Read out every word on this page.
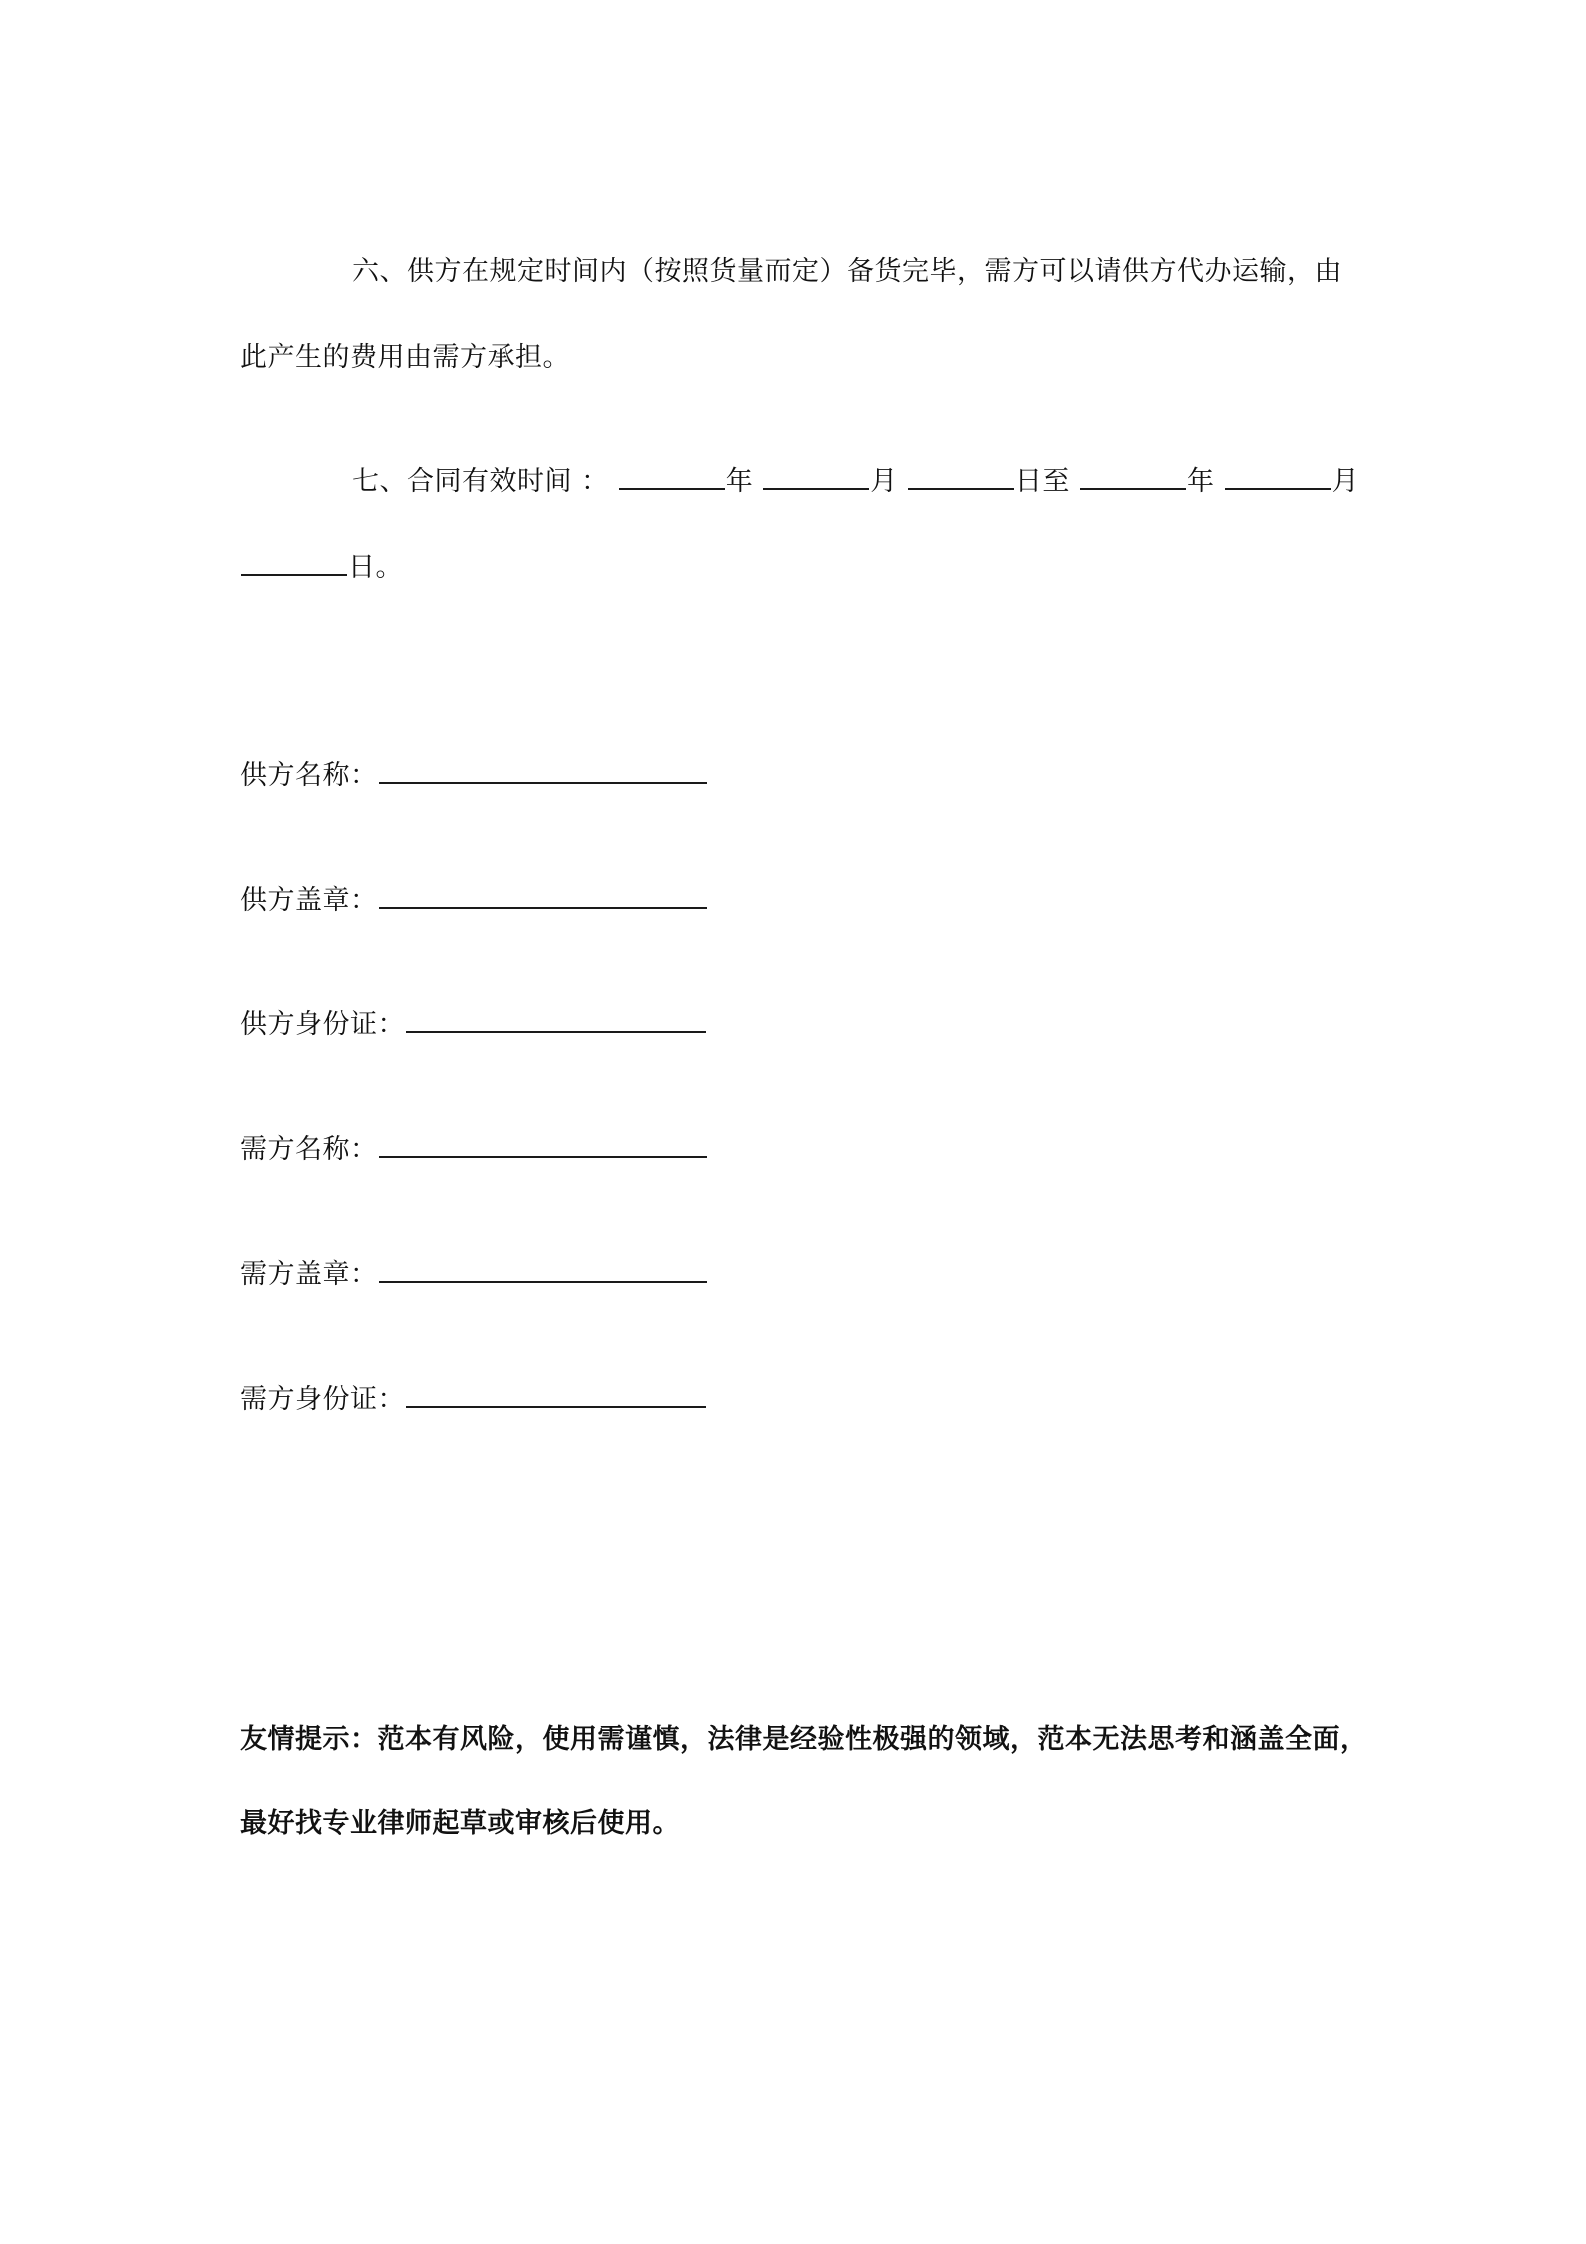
六、供方在规定时间内（按照货量而定）备货完毕，需方可以请供方代办运输，由
此产生的费用由需方承担。
七、合同有效时间 ：	年	月	日至	年	月
日。
供方名称：
供方盖章：
供方身份证：
需方名称：
需方盖章：
需方身份证：
友情提示：范本有风险，使用需谨慎，法律是经验性极强的领域，范本无法思考和涵盖全面，
最好找专业律师起草或审核后使用。
